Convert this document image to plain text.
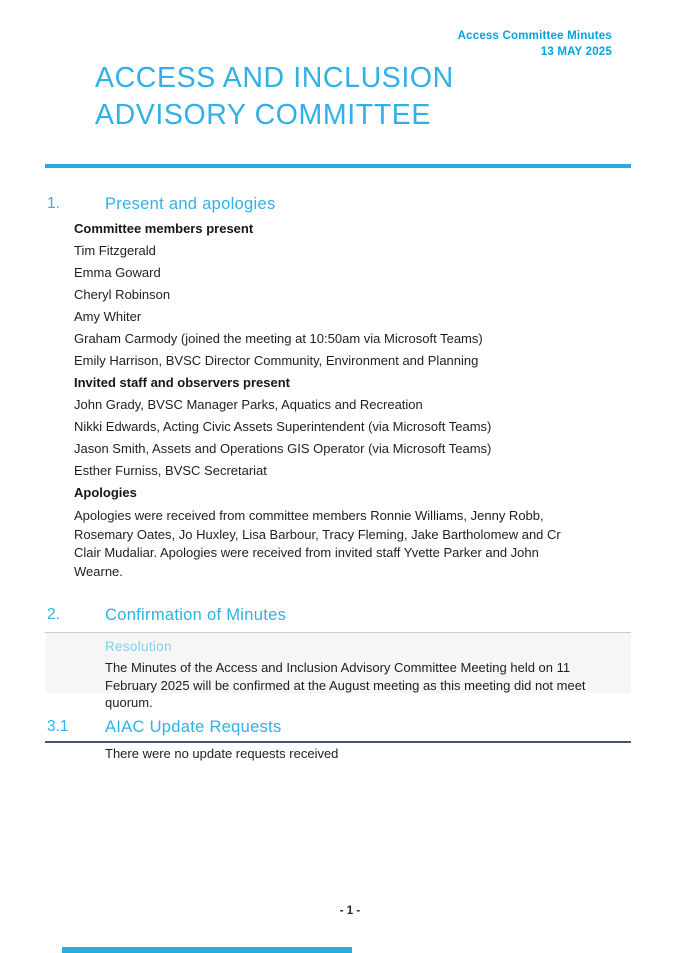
Access Committee Minutes
13 MAY 2025
ACCESS AND INCLUSION ADVISORY COMMITTEE
1.	Present and apologies

Committee members present

Tim Fitzgerald

Emma Goward

Cheryl Robinson

Amy Whiter

Graham Carmody (joined the meeting at 10:50am via Microsoft Teams)

Emily Harrison, BVSC Director Community, Environment and Planning

Invited staff and observers present

John Grady, BVSC Manager Parks, Aquatics and Recreation

Nikki Edwards, Acting Civic Assets Superintendent (via Microsoft Teams)

Jason Smith, Assets and Operations GIS Operator (via Microsoft Teams)

Esther Furniss, BVSC Secretariat

Apologies

Apologies were received from committee members Ronnie Williams, Jenny Robb, Rosemary Oates, Jo Huxley, Lisa Barbour, Tracy Fleming, Jake Bartholomew and Cr Clair Mudaliar. Apologies were received from invited staff Yvette Parker and John Wearne.

2.	Confirmation of Minutes
Resolution
The Minutes of the Access and Inclusion Advisory Committee Meeting held on 11 February 2025 will be confirmed at the August meeting as this meeting did not meet quorum.
3.1 AIAC Update Requests
There were no update requests received
- 1 -
